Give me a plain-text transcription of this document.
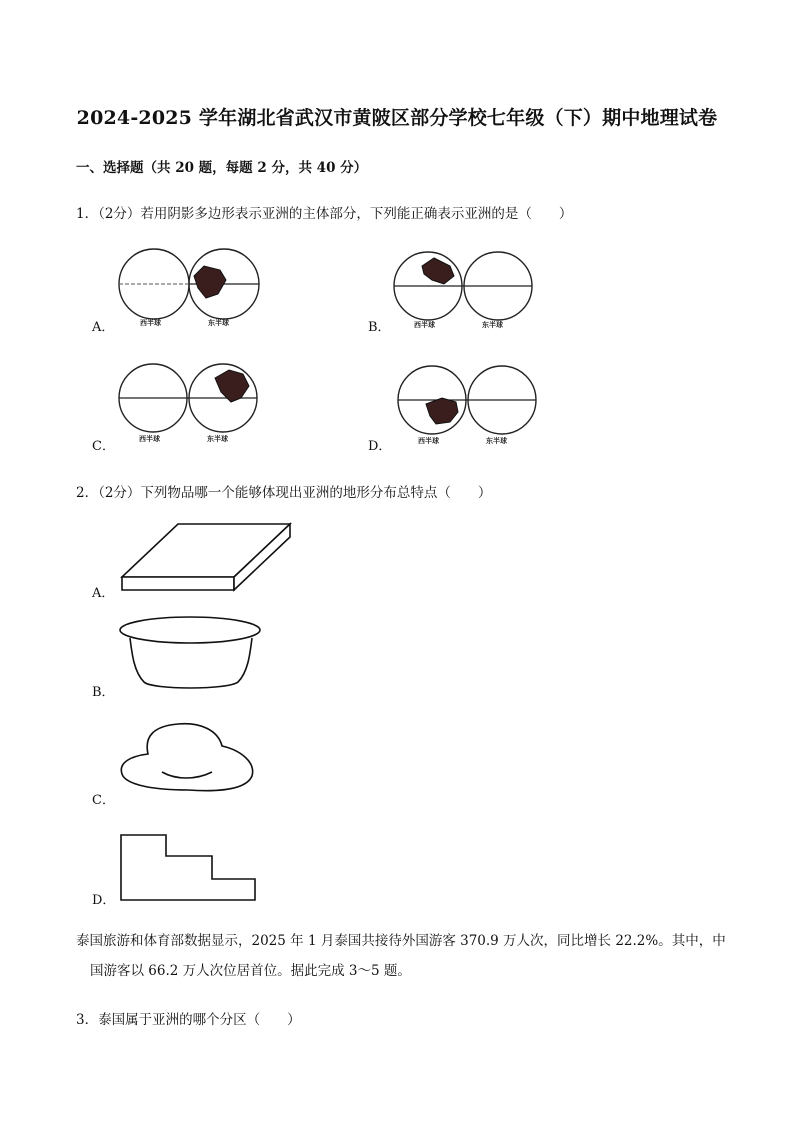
2024-2025 学年湖北省武汉市黄陂区部分学校七年级（下）期中地理试卷
一、选择题（共 20 题，每题 2 分，共 40 分）
1．（2分）若用阴影多边形表示亚洲的主体部分，下列能正确表示亚洲的是（　　）
西半球	东半球
A．	西半球	东半球
B．
西半球	东半球
C．	西半球	东半球
D．
2．（2分）下列物品哪一个能够体现出亚洲的地形分布总特点（　　）
A．
B．
C．
D．
泰国旅游和体育部数据显示，2025 年 1 月泰国共接待外国游客 370.9 万人次，同比增长 22.2%。其中，中
国游客以 66.2 万人次位居首位。据此完成 3～5 题。
3．泰国属于亚洲的哪个分区（　　）
